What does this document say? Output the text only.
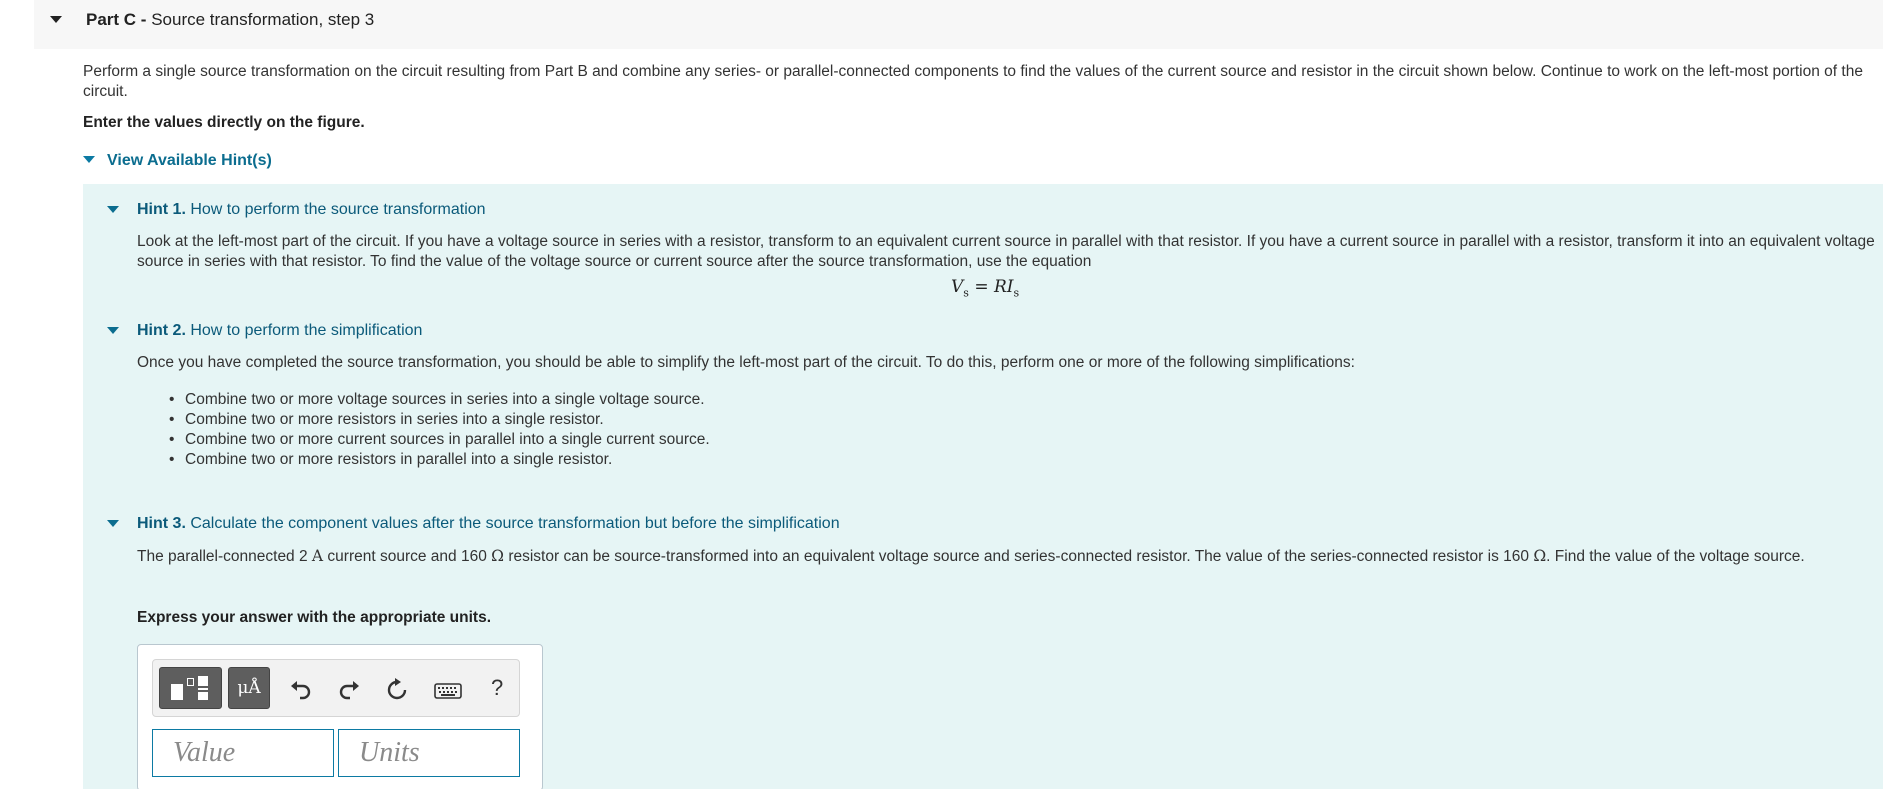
Part C - Source transformation, step 3

Perform a single source transformation on the circuit resulting from Part B and combine any series- or parallel-connected components to find the values of the current source and resistor in the circuit shown below. Continue to work on the left-most portion of the circuit.

Enter the values directly on the figure.

View Available Hint(s)
Hint 1. How to perform the source transformation

Look at the left-most part of the circuit. If you have a voltage source in series with a resistor, transform to an equivalent current source in parallel with that resistor. If you have a current source in parallel with a resistor, transform it into an equivalent voltage source in series with that resistor. To find the value of the voltage source or current source after the source transformation, use the equation

$V_s = RI_s$
Hint 2. How to perform the simplification

Once you have completed the source transformation, you should be able to simplify the left-most part of the circuit. To do this, perform one or more of the following simplifications:

• Combine two or more voltage sources in series into a single voltage source.
• Combine two or more resistors in series into a single resistor.
• Combine two or more current sources in parallel into a single current source.
• Combine two or more resistors in parallel into a single resistor.
Hint 3. Calculate the component values after the source transformation but before the simplification

The parallel-connected 2 A current source and 160 Ω resistor can be source-transformed into an equivalent voltage source and series-connected resistor. The value of the series-connected resistor is 160 Ω. Find the value of the voltage source.

Express your answer with the appropriate units.

μÅ	?
Value
Units
